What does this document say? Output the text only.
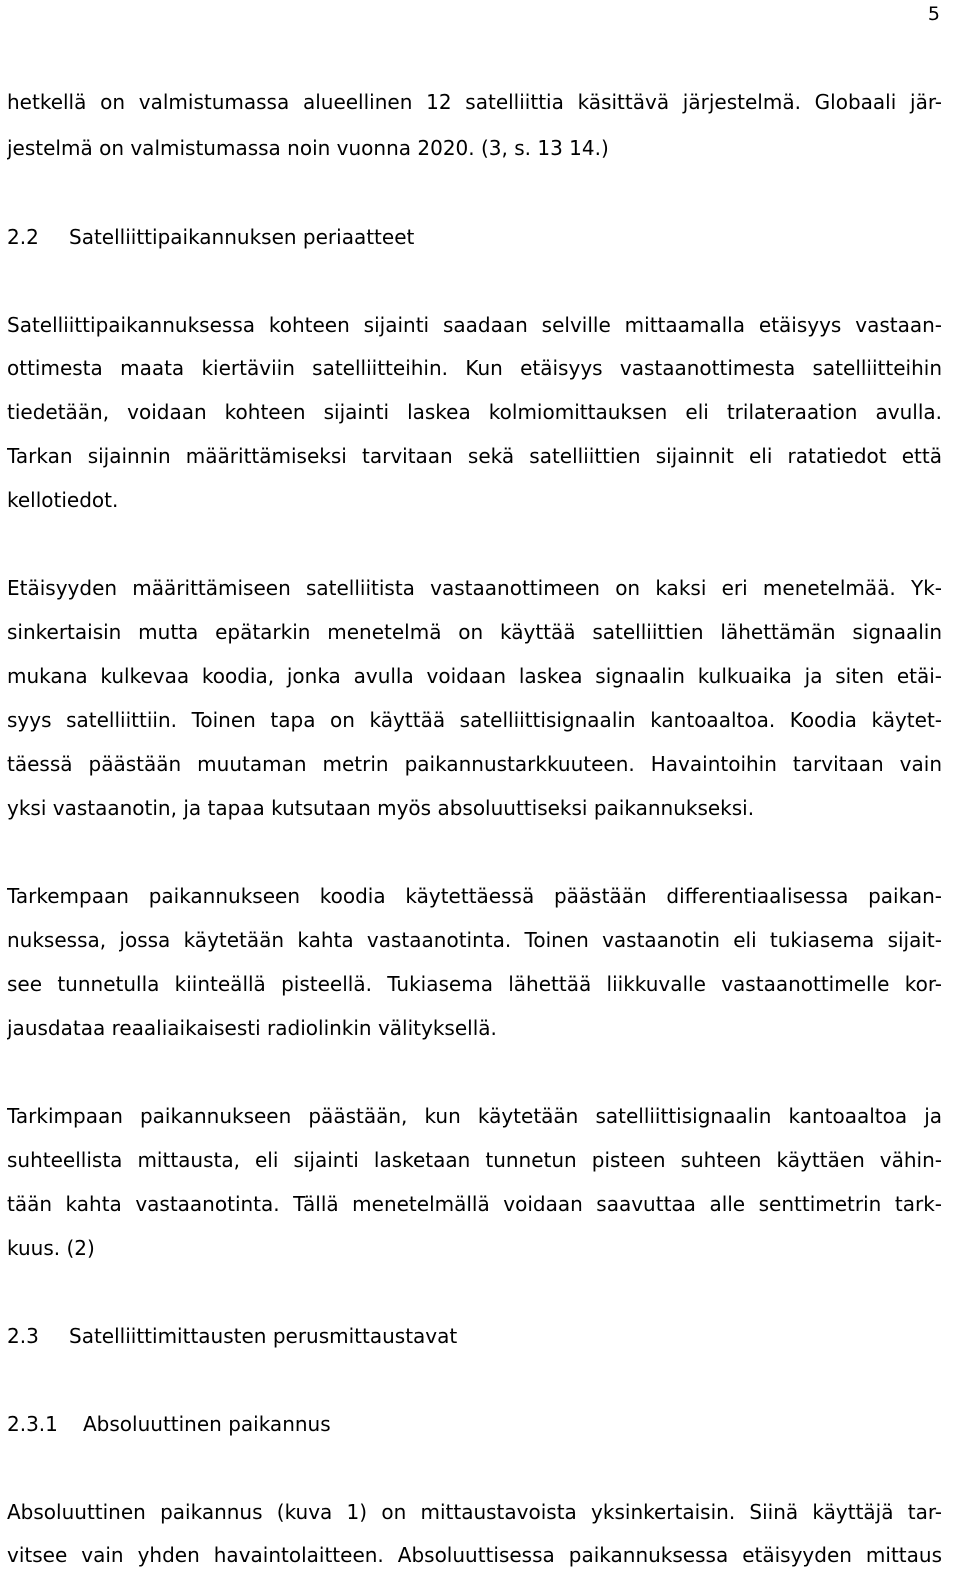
5
hetkellä on valmistumassa alueellinen 12 satelliittia käsittävä järjestelmä. Globaali jär-
jestelmä on valmistumassa noin vuonna 2020. (3, s. 13 14.)
2.2 Satelliittipaikannuksen periaatteet
Satelliittipaikannuksessa kohteen sijainti saadaan selville mittaamalla etäisyys vastaan-
ottimesta maata kiertäviin satelliitteihin. Kun etäisyys vastaanottimesta satelliitteihin
tiedetään, voidaan kohteen sijainti laskea kolmiomittauksen eli trilateraation avulla.
Tarkan sijainnin määrittämiseksi tarvitaan sekä satelliittien sijainnit eli ratatiedot että
kellotiedot.
Etäisyyden määrittämiseen satelliitista vastaanottimeen on kaksi eri menetelmää. Yk-
sinkertaisin mutta epätarkin menetelmä on käyttää satelliittien lähettämän signaalin
mukana kulkevaa koodia, jonka avulla voidaan laskea signaalin kulkuaika ja siten etäi-
syys satelliittiin. Toinen tapa on käyttää satelliittisignaalin kantoaaltoa. Koodia käytet-
täessä päästään muutaman metrin paikannustarkkuuteen. Havaintoihin tarvitaan vain
yksi vastaanotin, ja tapaa kutsutaan myös absoluuttiseksi paikannukseksi.
Tarkempaan paikannukseen koodia käytettäessä päästään differentiaalisessa paikan-
nuksessa, jossa käytetään kahta vastaanotinta. Toinen vastaanotin eli tukiasema sijait-
see tunnetulla kiinteällä pisteellä. Tukiasema lähettää liikkuvalle vastaanottimelle kor-
jausdataa reaaliaikaisesti radiolinkin välityksellä.
Tarkimpaan paikannukseen päästään, kun käytetään satelliittisignaalin kantoaaltoa ja
suhteellista mittausta, eli sijainti lasketaan tunnetun pisteen suhteen käyttäen vähin-
tään kahta vastaanotinta. Tällä menetelmällä voidaan saavuttaa alle senttimetrin tark-
kuus. (2)
2.3 Satelliittimittausten perusmittaustavat
2.3.1 Absoluuttinen paikannus
Absoluuttinen paikannus (kuva 1) on mittaustavoista yksinkertaisin. Siinä käyttäjä tar-
vitsee vain yhden havaintolaitteen. Absoluuttisessa paikannuksessa etäisyyden mittaus
